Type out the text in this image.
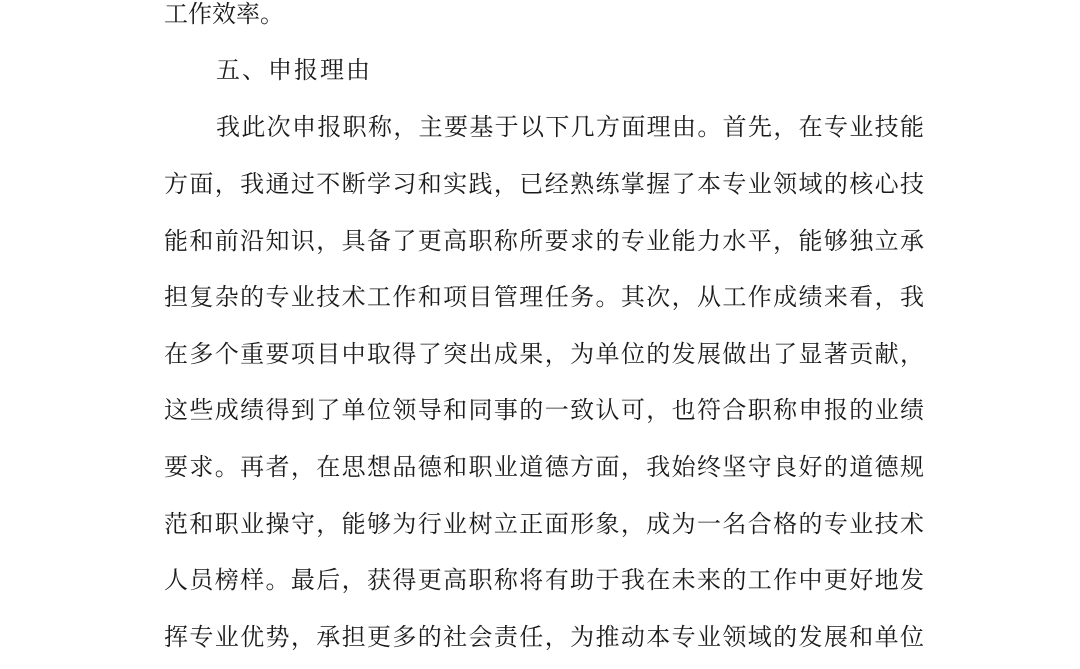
工作效率。

五、申报理由

我此次申报职称，主要基于以下几方面理由。首先，在专业技能

方面，我通过不断学习和实践，已经熟练掌握了本专业领域的核心技

能和前沿知识，具备了更高职称所要求的专业能力水平，能够独立承

担复杂的专业技术工作和项目管理任务。其次，从工作成绩来看，我

在多个重要项目中取得了突出成果，为单位的发展做出了显著贡献，

这些成绩得到了单位领导和同事的一致认可，也符合职称申报的业绩

要求。再者，在思想品德和职业道德方面，我始终坚守良好的道德规

范和职业操守，能够为行业树立正面形象，成为一名合格的专业技术

人员榜样。最后，获得更高职称将有助于我在未来的工作中更好地发

挥专业优势，承担更多的社会责任，为推动本专业领域的发展和单位
